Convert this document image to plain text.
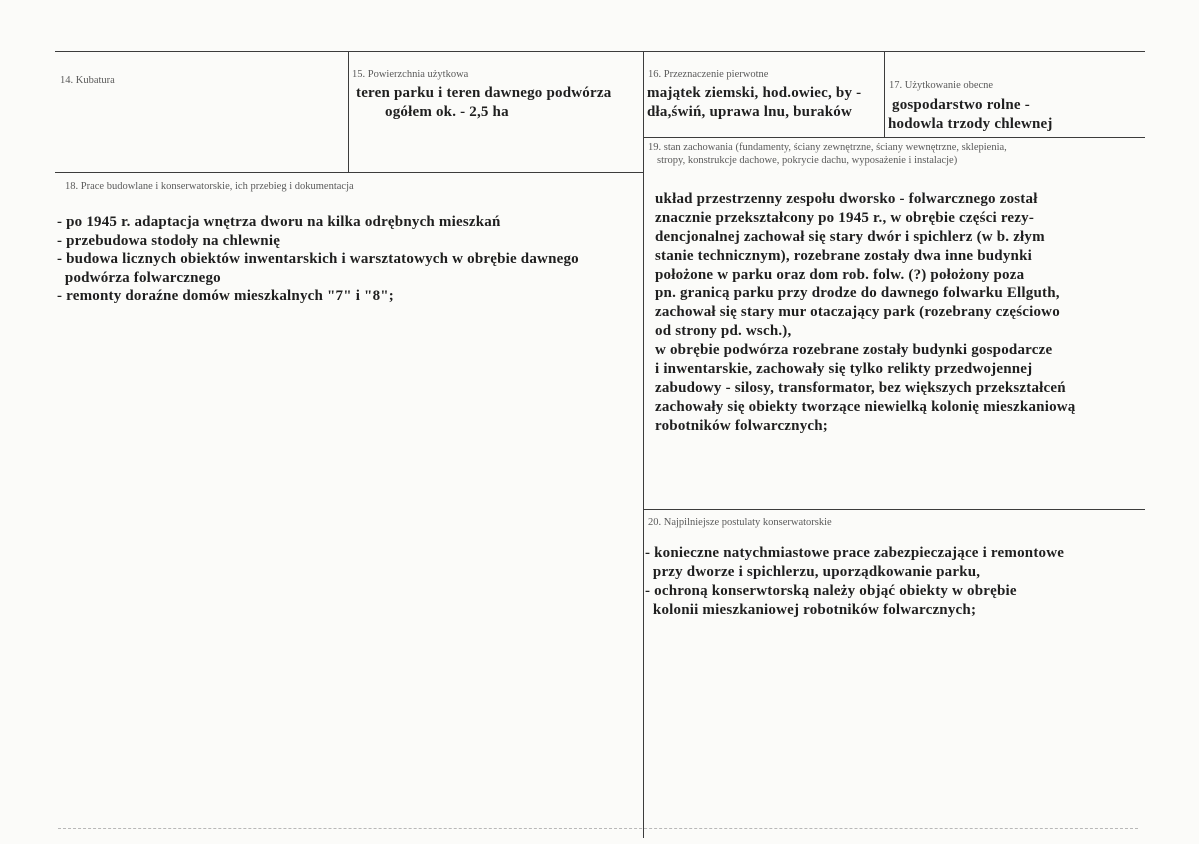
14. Kubatura
15. Powierzchnia użytkowa
teren parku i teren dawnego podwórza
ogółem ok. - 2,5 ha
16. Przeznaczenie pierwotne
majątek ziemski, hod.owiec, by -
dła,świń, uprawa lnu, buraków
17. Użytkowanie obecne
gospodarstwo rolne -
hodowla trzody chlewnej
19. stan zachowania (fundamenty, ściany zewnętrzne, ściany wewnętrzne, sklepienia,
stropy, konstrukcje dachowe, pokrycie dachu, wyposażenie i instalacje)
18. Prace budowlane i konserwatorskie, ich przebieg i dokumentacja
- po 1945 r. adaptacja wnętrza dworu na kilka odrębnych mieszkań
- przebudowa stodoły na chlewnię
- budowa licznych obiektów inwentarskich i warsztatowych w obrębie dawnego
podwórza folwarcznego
- remonty doraźne domów mieszkalnych "7" i "8";
układ przestrzenny zespołu dworsko - folwarcznego został
znacznie przekształcony po 1945 r., w obrębie części rezy-
dencjonalnej zachował się stary dwór i spichlerz (w b. złym
stanie technicznym), rozebrane zostały dwa inne budynki
położone w parku oraz dom rob. folw. (?) położony poza
pn. granicą parku przy drodze do dawnego folwarku Ellguth,
zachował się stary mur otaczający park (rozebrany częściowo
od strony pd. wsch.),
w obrębie podwórza rozebrane zostały budynki gospodarcze
i inwentarskie, zachowały się tylko relikty przedwojennej
zabudowy - silosy, transformator, bez większych przekształceń
zachowały się obiekty tworzące niewielką kolonię mieszkaniową
robotników folwarcznych;
20. Najpilniejsze postulaty konserwatorskie
- konieczne natychmiastowe prace zabezpieczające i remontowe
przy dworze i spichlerzu, uporządkowanie parku,
- ochroną konserwtorską należy objąć obiekty w obrębie
kolonii mieszkaniowej robotników folwarcznych;
